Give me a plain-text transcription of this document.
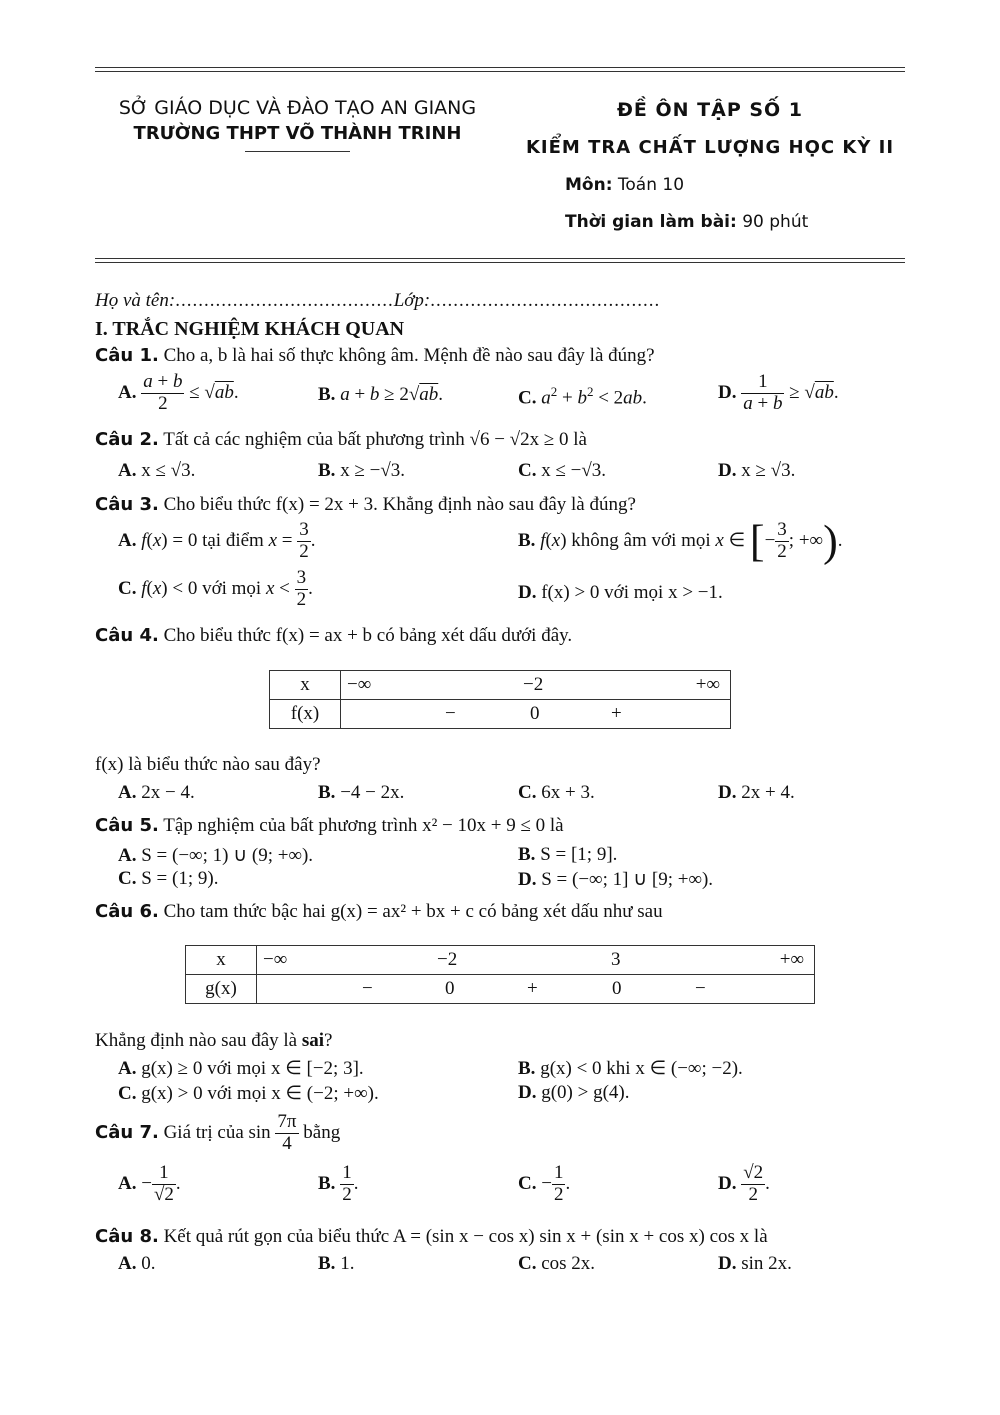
SỞ GIÁO DỤC VÀ ĐÀO TẠO AN GIANG
TRƯỜNG THPT VÕ THÀNH TRINH
ĐỀ ÔN TẬP SỐ 1
KIỂM TRA CHẤT LƯỢNG HỌC KỲ II
Môn: Toán 10
Thời gian làm bài: 90 phút
Họ và tên:......................................Lớp:........................................
I. TRẮC NGHIỆM KHÁCH QUAN
Câu 1. Cho a, b là hai số thực không âm. Mệnh đề nào sau đây là đúng?
A. $\frac{a + b}{2} \le √ab$.	B. a + b ≥ 2√ab.	C. $a^2 + b^2 < 2ab$.	D. $\frac{1}{a + b} \ge √ab$.
Câu 2. Tất cả các nghiệm của bất phương trình √6 − √2x ≥ 0 là
A. x ≤ √3.	B. x ≥ −√3.	C. x ≤ −√3.	D. x ≥ √3.
Câu 3. Cho biểu thức f(x) = 2x + 3. Khẳng định nào sau đây là đúng?
A. f(x) = 0 tại điểm $x = \frac{3}{2}$ .	B. f(x) không âm với mọi x ∈ [− $\frac{3}{2}$ ; +∞).
C. f(x) < 0 với mọi $x < \frac{3}{2}$ .	D. f(x) > 0 với mọi x > −1.
Câu 4. Cho biểu thức f(x) = ax + b có bảng xét dấu dưới đây.
x	−∞ −2 +∞

f(x)	− 0 +
f(x) là biểu thức nào sau đây?
A. 2x − 4.	B. −4 − 2x.	C. 6x + 3.	D. 2x + 4.
Câu 5. Tập nghiệm của bất phương trình x² − 10x + 9 ≤ 0 là
A. S = (−∞; 1) ∪ (9; +∞).	B. S = [1; 9].
C. S = (1; 9).	D. S = (−∞; 1] ∪ [9; +∞).
Câu 6. Cho tam thức bậc hai g(x) = ax² + bx + c có bảng xét dấu như sau
x	−∞ −2 3 +∞

g(x)	− 0 + 0 −
Khẳng định nào sau đây là sai?
A. g(x) ≥ 0 với mọi x ∈ [−2; 3].	B. g(x) < 0 khi x ∈ (−∞; −2).
C. g(x) > 0 với mọi x ∈ (−2; +∞).	D. g(0) > g(4).
Câu 7. Giá trị của $\sin \frac{7\pi}{4}$ bằng
A. − $\frac{1}{√2}$ .	B. $\frac{1}{2}$ .	C. − $\frac{1}{2}$ .	D. $\frac{√2}{2}$ .
Câu 8. Kết quả rút gọn của biểu thức A = (sin x − cos x) sin x + (sin x + cos x) cos x là
A. 0.	B. 1.	C. cos 2x.	D. sin 2x.
